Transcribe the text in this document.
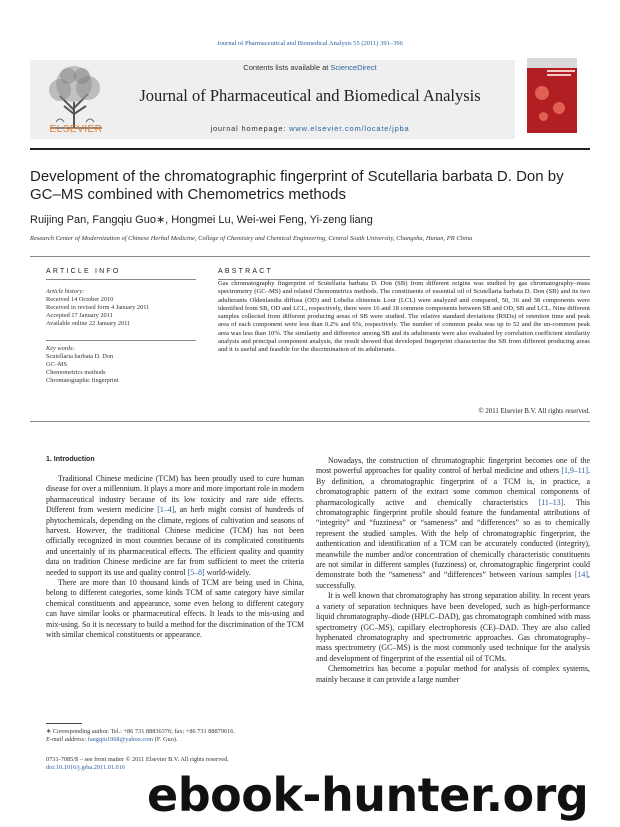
Journal of Pharmaceutical and Biomedical Analysis 55 (2011) 391–396
ELSEVIER
Contents lists available at ScienceDirect
Journal of Pharmaceutical and Biomedical Analysis
journal homepage: www.elsevier.com/locate/jpba
Development of the chromatographic fingerprint of Scutellaria barbata D. Don by GC–MS combined with Chemometrics methods
Ruijing Pan, Fangqiu Guo∗, Hongmei Lu, Wei-wei Feng, Yi-zeng liang
Research Center of Modernization of Chinese Herbal Medicine, College of Chemistry and Chemical Engineering, Central South University, Changsha, Hunan, PR China
ARTICLE INFO	ABSTRACT
Article history:
Received 14 October 2010
Received in revised form 4 January 2011
Accepted 17 January 2011
Available online 22 January 2011
Key words:
Scutellaria barbata D. Don
GC–MS
Chemometrics methods
Chromatographic fingerprint
Gas chromatography fingerprint of Scutellaria barbata D. Don (SB) from different origins was studied by gas chromatography–mass spectrometry (GC–MS) and related Chemometrics methods. The constituents of essential oil of Scutellaria barbata D. Don (SB) and its two adulterants Oldenlandia diffusa (OD) and Lobelia chinensis Lour (LCL) were analyzed and compared, 50, 36 and 38 components were identified from SB, OD and LCL, respectively, there were 16 and 18 common components between SB and OD, SB and LCL. Nine different samples collected from different producing areas of SB were studied. The relative standard deviations (RSDs) of retention time and peak area of each component were less than 0.2% and 6%, respectively. The number of common peaks was up to 52 and the un-common peak area was less than 10%. The similarity and difference among SB and its adulterants were also evaluated by correlation coefficient similarity analysis and principal component analysis, the result showed that developed fingerprint characterize the SB from different producing areas and it is useful and feasible for the discrimination of its adulterants.
© 2011 Elsevier B.V. All rights reserved.
1. Introduction

Traditional Chinese medicine (TCM) has been proudly used to cure human disease for over a millennium. It plays a more and more important role in modern pharmaceutical industry because of its low toxicity and rare side effects. Different from western medicine [1–4], an herb might consist of hundreds of phytochemicals, depending on the climate, regions of cultivation and seasons of harvest. However, the traditional Chinese medicine (TCM) has not been officially recognized in most countries because of its complicated constituents and uncertainly of its pharmaceutical effects. The efficient quality and quantity data on tradition Chinese medicine are far from sufficient to meet the criteria needed to support its use and quality control [5–8] world-widely.

There are more than 10 thousand kinds of TCM are being used in China, belong to different categories, some kinds TCM of same category have similar chemical constituents and appearance, some even belong to different category can have similar looks or pharmaceutical effects. It leads to the mis-using and mix-using. So it is necessary to build a method for the discrimination of the TCM with similar chemical constituents or appearance.

Nowadays, the construction of chromatographic fingerprint becomes one of the most powerful approaches for quality control of herbal medicine and others [1,9–11]. By definition, a chromatographic fingerprint of a TCM is, in practice, a chromatographic pattern of the extract some common chemical components of pharmacologically active and chemically characteristics [11–13]. This chromatographic fingerprint profile should feature the fundamental attributions of “integrity” and “fuzziness” or “sameness” and “differences” so as to chemically represent the studied samples. With the help of chromatographic fingerprint, the authentication and identification of a TCM can be accurately conducted (integrity), meanwhile the number and/or concentration of chemically characteristic constituents are not similar in different samples (fuzziness) or, chromatographic fingerprint could demonstrate both the “sameness” and “differences” between various samples [14], successfully.

It is well known that chromatography has strong separation ability. In recent years a variety of separation techniques have been developed, such as high-performance liquid chromatography–diode (HPLC–DAD), gas chromatograph combined with mass spectrometry (GC–MS), capillary electrophoresis (CE)–DAD. They are also called hyphenated chromatography and spectrometric approaches. Gas chromatography–mass spectrometry (GC–MS) is the most commonly used technique for the analysis and development of fingerprint of the essential oil of TCMs.

Chemometrics has become a popular method for analysis of complex systems, mainly because it can provide a large number

∗ Corresponding author. Tel.: +86 731 88836376; fax: +86 731 88879616.
E-mail address: fangqiu1968@yahoo.com (F. Guo).
0731-7085/$ – see front matter © 2011 Elsevier B.V. All rights reserved.
doi:10.1016/j.jpba.2011.01.016
ebook-hunter.org
